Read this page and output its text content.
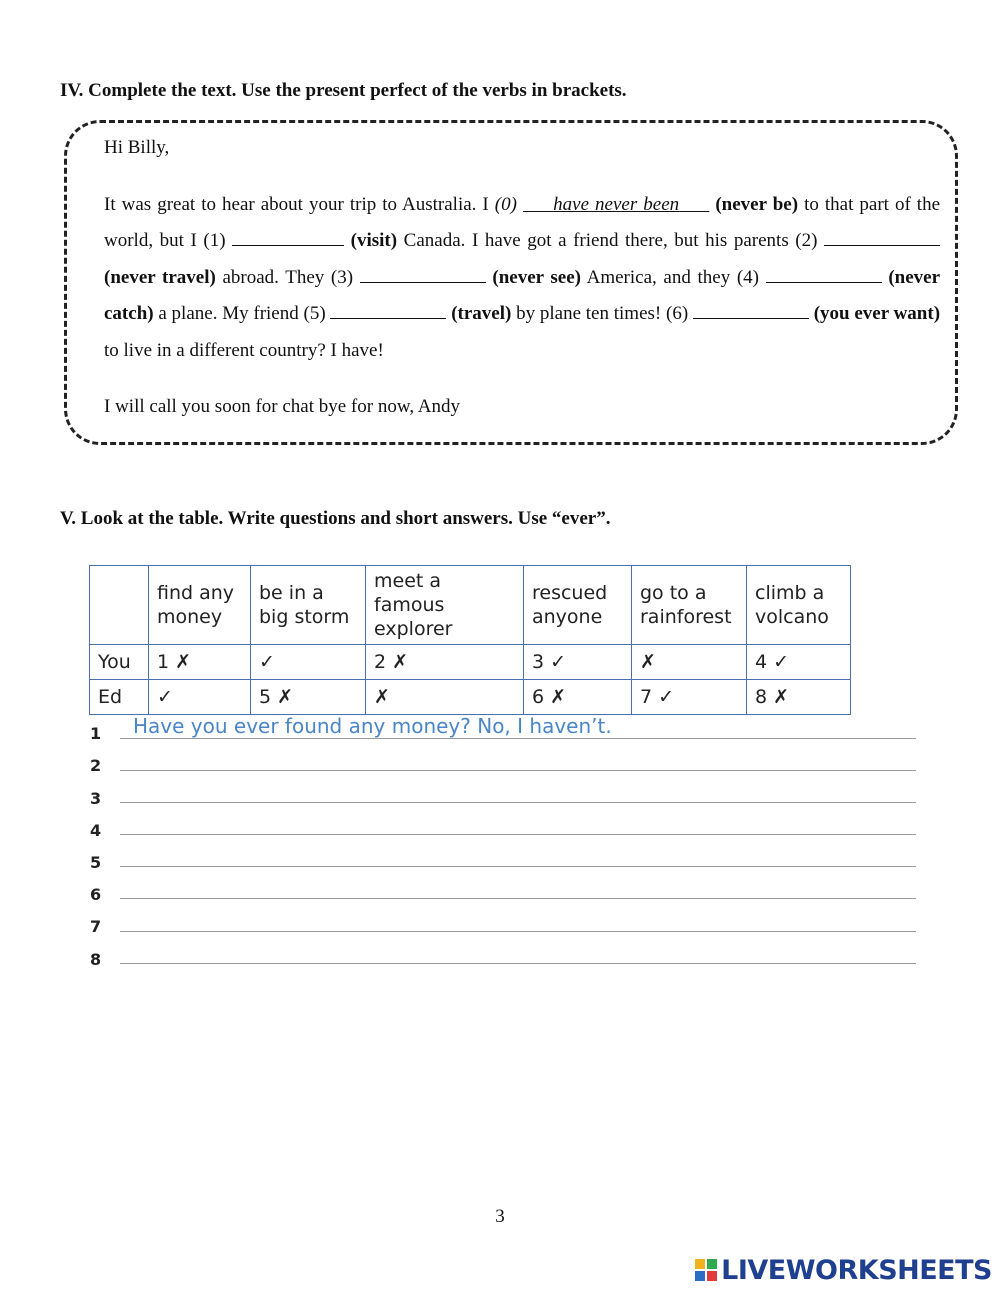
IV. Complete the text. Use the present perfect of the verbs in brackets.

Hi Billy,

It was great to hear about your trip to Australia. I (0) have never been (never be) to that part of the world, but I (1)	(visit) Canada. I have got a friend there, but his parents (2)  (never travel) abroad. They (3)	(never see) America, and they (4)	(never catch) a plane. My friend (5)	(travel) by plane ten times! (6)	(you ever want) to live in a different country? I have!

I will call you soon for chat bye for now, Andy

V. Look at the table. Write questions and short answers. Use “ever”.
	find any money	be in a big storm	meet a famous explorer	rescued anyone	go to a rainforest	climb a volcano
You	1 ✗	✓	2 ✗	3 ✓	✗	4 ✓
Ed	✓	5 ✗	✗	6 ✗	7 ✓	8 ✗
1
2
3
4
5
6
7
8
Have you ever found any money? No, I haven’t.
3
LIVEWORKSHEETS
